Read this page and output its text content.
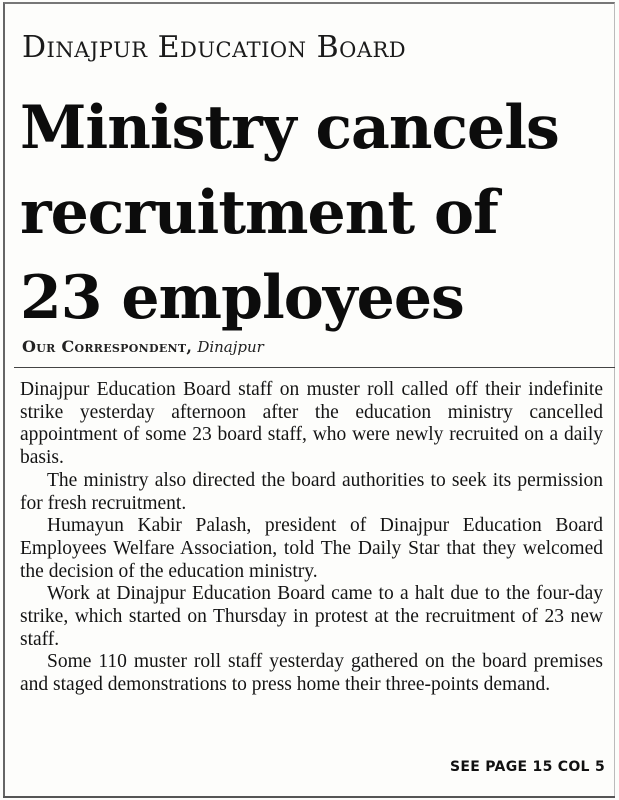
Dinajpur Education Board
Ministry cancels
recruitment of
23 employees
Our Correspondent, Dinajpur

Dinajpur Education Board staff on muster roll called off their indefinite strike yesterday afternoon after the education ministry cancelled appointment of some 23 board staff, who were newly recruited on a daily basis.

The ministry also directed the board authorities to seek its permission for fresh recruitment.

Humayun Kabir Palash, president of Dinajpur Education Board Employees Welfare Association, told The Daily Star that they welcomed the decision of the education ministry.

Work at Dinajpur Education Board came to a halt due to the four-day strike, which started on Thursday in protest at the recruitment of 23 new staff.

Some 110 muster roll staff yesterday gathered on the board premises and staged demonstrations to press home their three-points demand.

SEE PAGE 15 COL 5
